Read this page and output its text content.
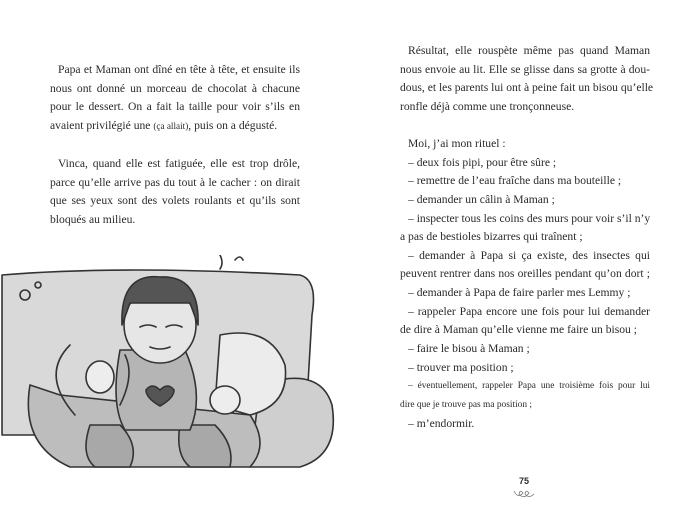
Papa et Maman ont dîné en tête à tête, et ensuite ils
nous ont donné un morceau de chocolat à chacune
pour le dessert. On a fait la taille pour voir s’ils en
avaient privilégié une (ça allait), puis on a dégusté.
Vinca, quand elle est fatiguée, elle est trop drôle,
parce qu’elle arrive pas du tout à le cacher : on dirait
que ses yeux sont des volets roulants et qu’ils sont
bloqués au milieu.
Résultat, elle rouspète même pas quand Maman
nous envoie au lit. Elle se glisse dans sa grotte à dou-
dous, et les parents lui ont à peine fait un bisou qu’elle
ronfle déjà comme une tronçonneuse.
Moi, j’ai mon rituel :
– deux fois pipi, pour être sûre ;
– remettre de l’eau fraîche dans ma bouteille ;
– demander un câlin à Maman ;
– inspecter tous les coins des murs pour voir s’il n’y
a pas de bestioles bizarres qui traînent ;
– demander à Papa si ça existe, des insectes qui
peuvent rentrer dans nos oreilles pendant qu’on dort ;
– demander à Papa de faire parler mes Lemmy ;
– rappeler Papa encore une fois pour lui demander
de dire à Maman qu’elle vienne me faire un bisou ;
– faire le bisou à Maman ;
– trouver ma position ;
– éventuellement, rappeler Papa une troisième fois pour lui
dire que je trouve pas ma position ;
– m’endormir.
75
